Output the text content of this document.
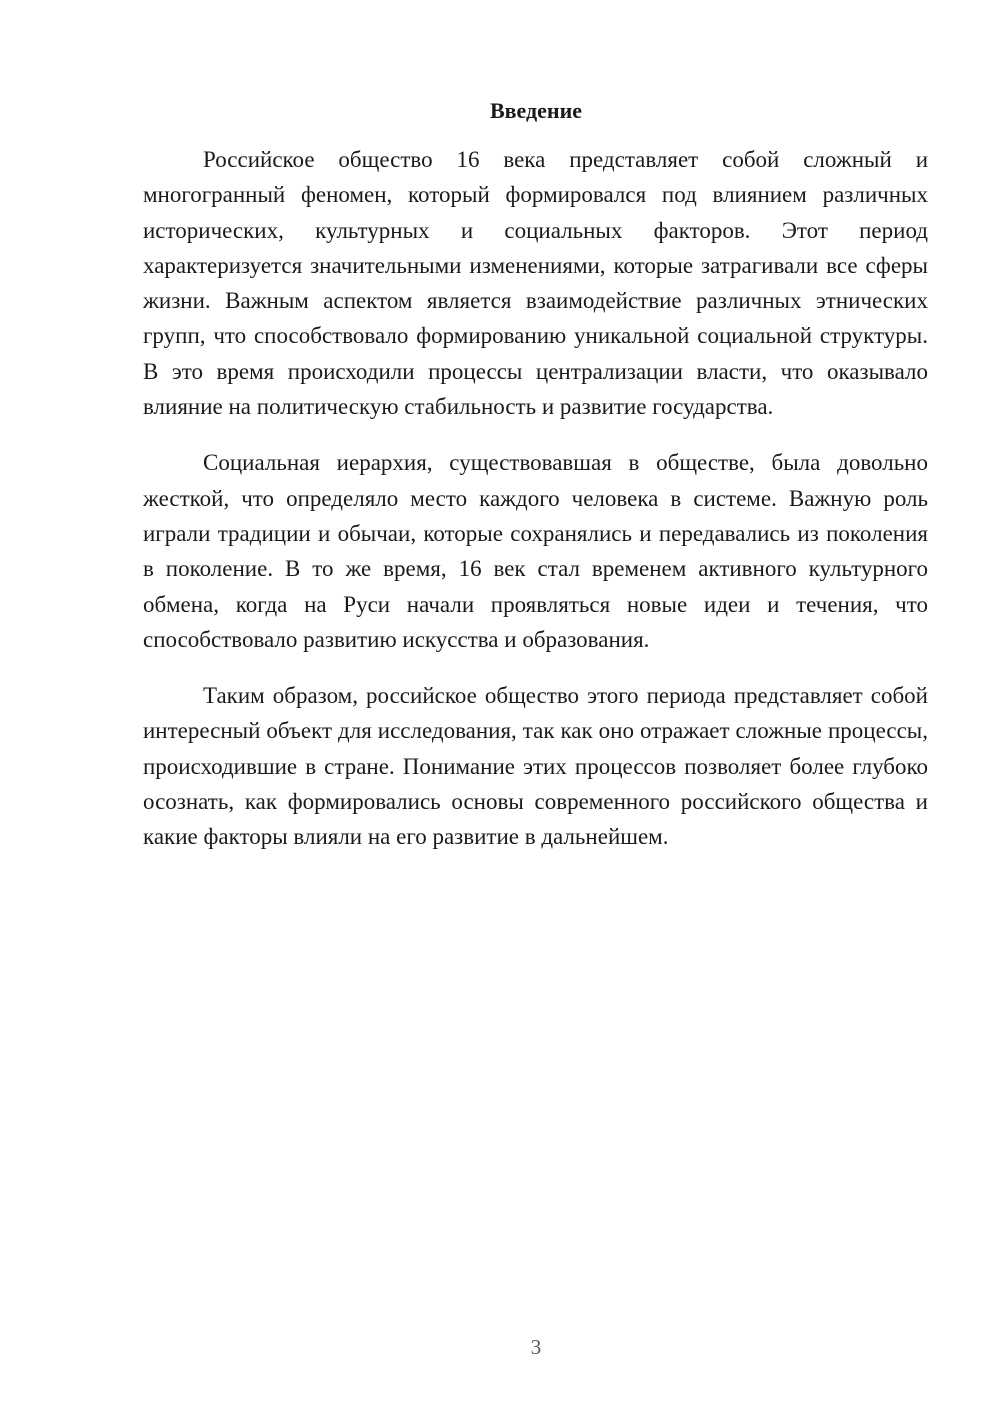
Введение

Российское общество 16 века представляет собой сложный и многогранный феномен, который формировался под влиянием различных исторических, культурных и социальных факторов. Этот период характеризуется значительными изменениями, которые затрагивали все сферы жизни. Важным аспектом является взаимодействие различных этнических групп, что способствовало формированию уникальной социальной структуры. В это время происходили процессы централизации власти, что оказывало влияние на политическую стабильность и развитие государства.

Социальная иерархия, существовавшая в обществе, была довольно жесткой, что определяло место каждого человека в системе. Важную роль играли традиции и обычаи, которые сохранялись и передавались из поколения в поколение. В то же время, 16 век стал временем активного культурного обмена, когда на Руси начали проявляться новые идеи и течения, что способствовало развитию искусства и образования.

Таким образом, российское общество этого периода представляет собой интересный объект для исследования, так как оно отражает сложные процессы, происходившие в стране. Понимание этих процессов позволяет более глубоко осознать, как формировались основы современного российского общества и какие факторы влияли на его развитие в дальнейшем.

3
